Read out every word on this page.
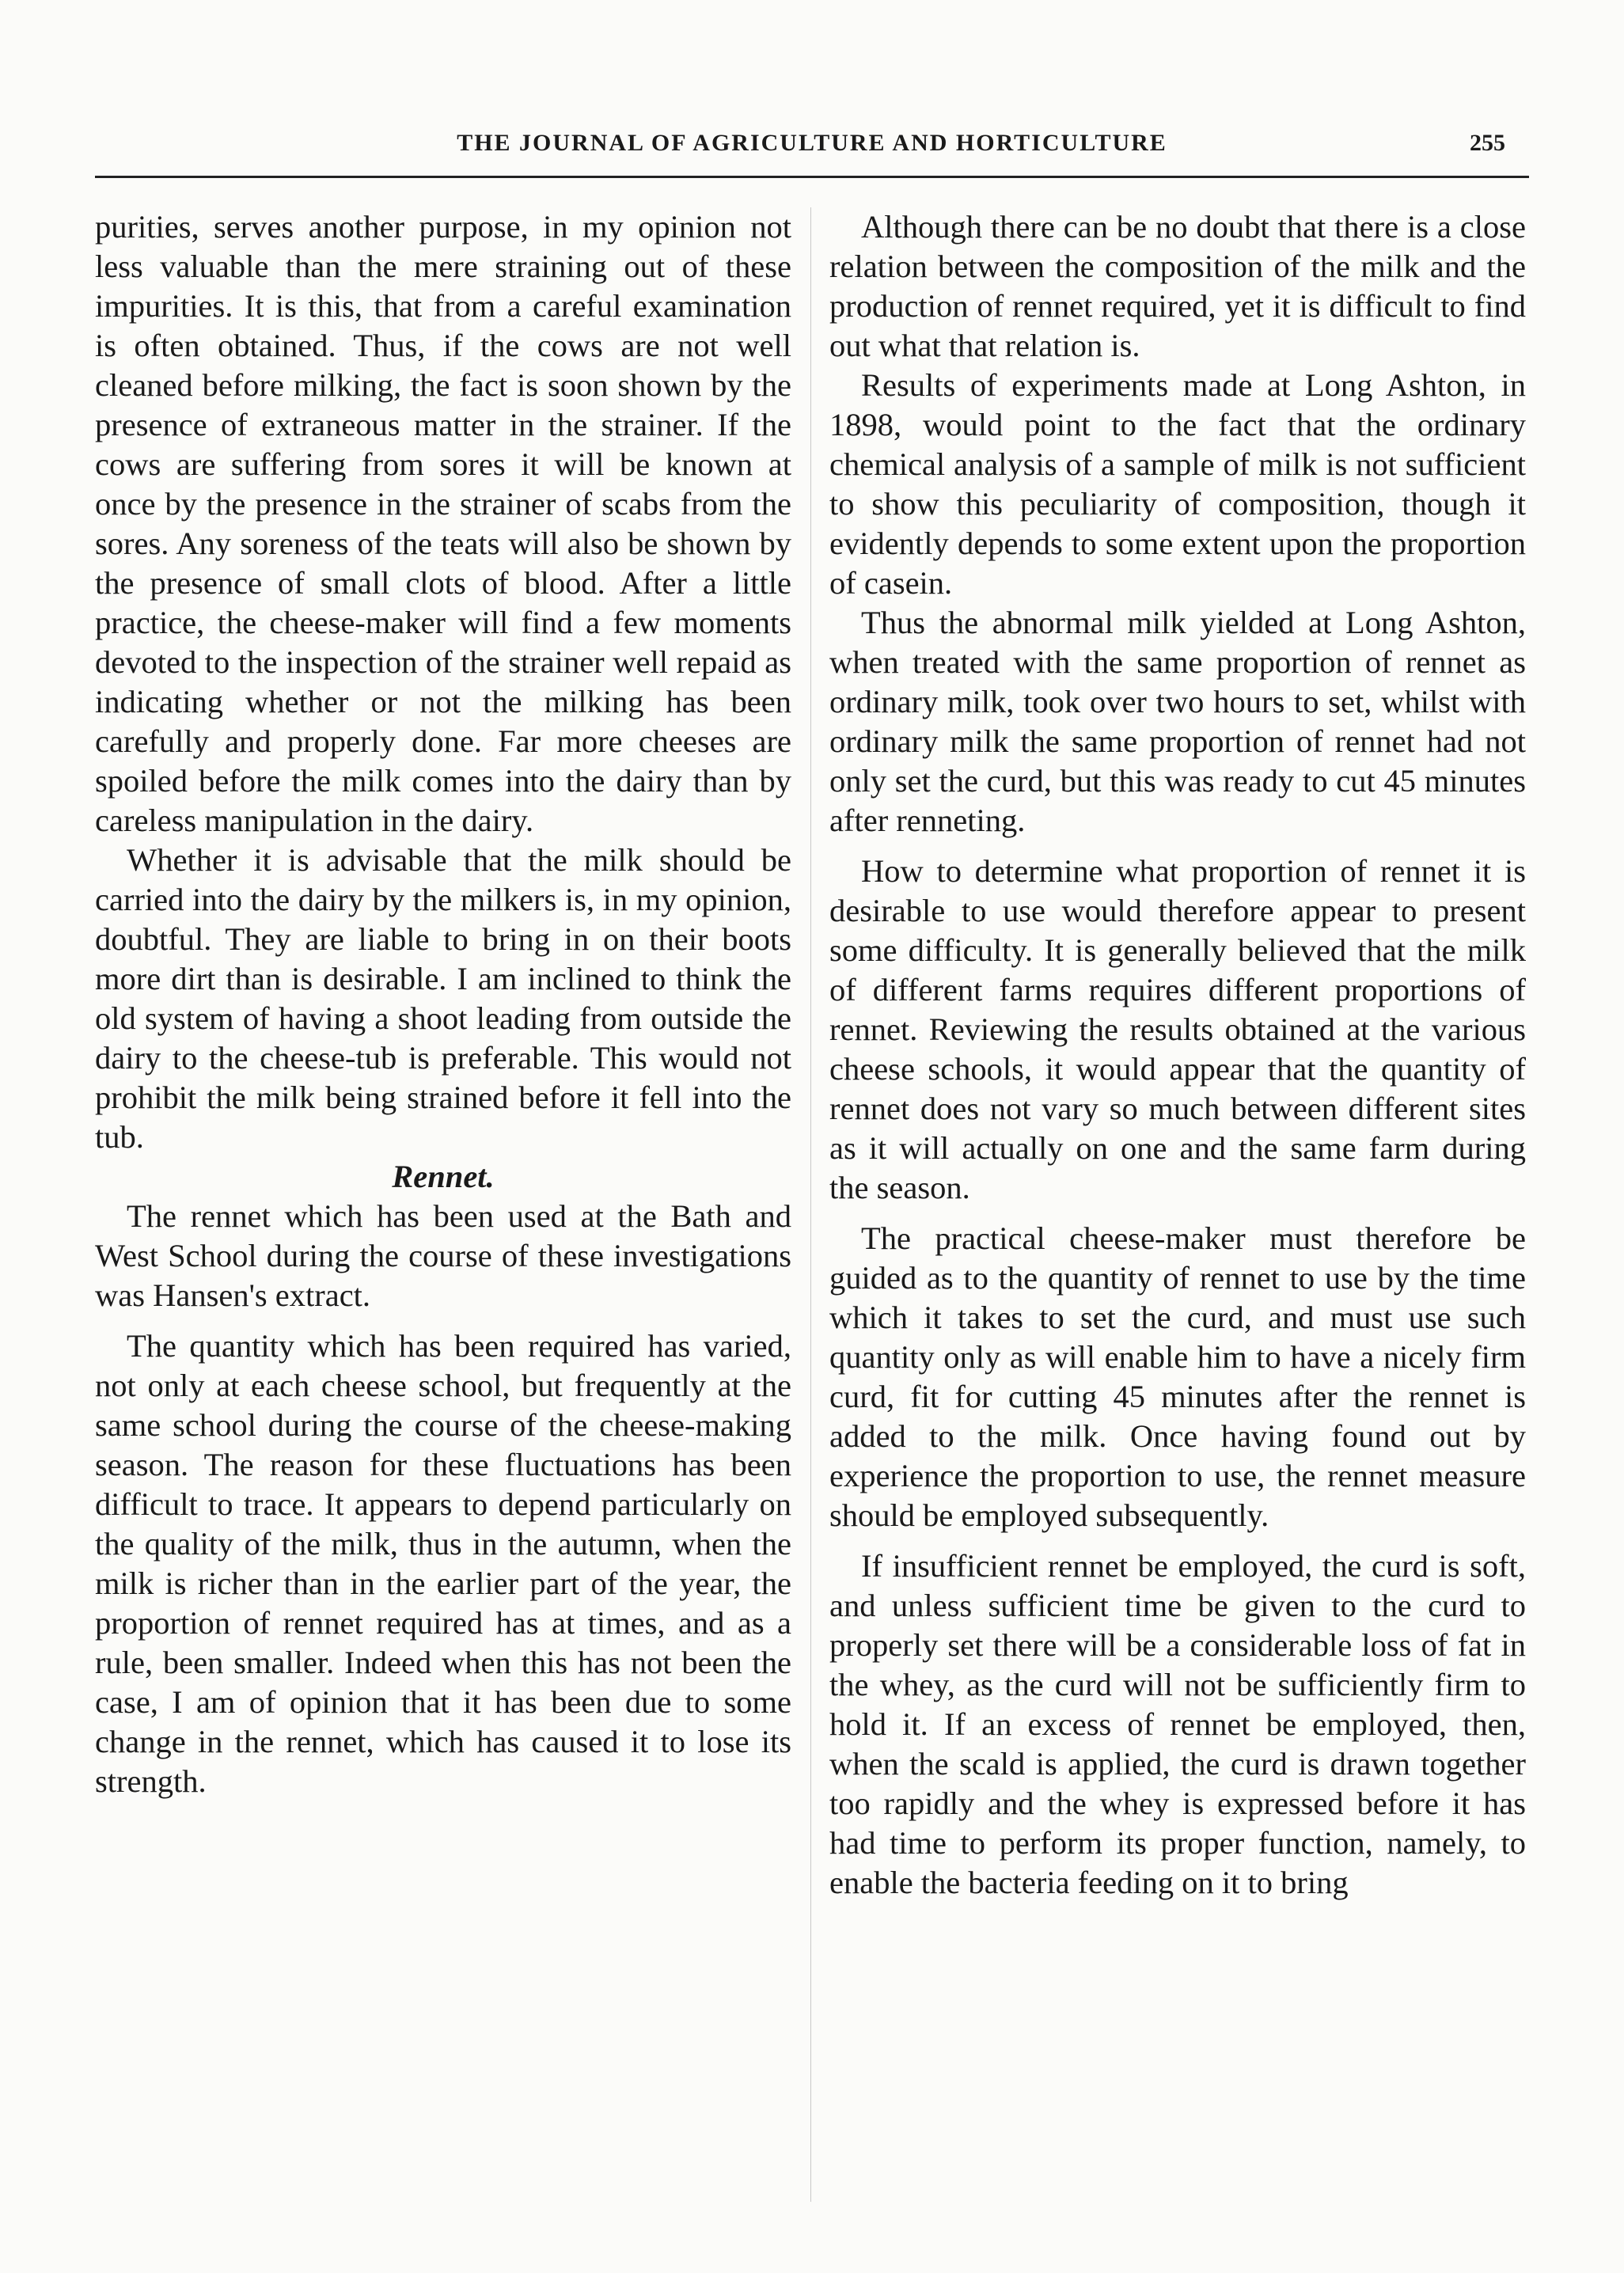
THE JOURNAL OF AGRICULTURE AND HORTICULTURE	255

purities, serves another purpose, in my opinion not less valuable than the mere straining out of these impurities. It is this, that from a careful examination is often obtained. Thus, if the cows are not well cleaned before milking, the fact is soon shown by the presence of extraneous matter in the strainer. If the cows are suffering from sores it will be known at once by the presence in the strainer of scabs from the sores. Any soreness of the teats will also be shown by the presence of small clots of blood. After a little practice, the cheese-maker will find a few moments devoted to the inspection of the strainer well repaid as indicating whether or not the milking has been carefully and properly done. Far more cheeses are spoiled before the milk comes into the dairy than by careless manipulation in the dairy.

Whether it is advisable that the milk should be carried into the dairy by the milkers is, in my opinion, doubtful. They are liable to bring in on their boots more dirt than is desirable. I am inclined to think the old system of having a shoot leading from outside the dairy to the cheese-tub is preferable. This would not prohibit the milk being strained before it fell into the tub.

Rennet.

The rennet which has been used at the Bath and West School during the course of these investigations was Hansen's extract.

The quantity which has been required has varied, not only at each cheese school, but frequently at the same school during the course of the cheese-making season. The reason for these fluctuations has been difficult to trace. It appears to depend particularly on the quality of the milk, thus in the autumn, when the milk is richer than in the earlier part of the year, the proportion of rennet required has at times, and as a rule, been smaller. Indeed when this has not been the case, I am of opinion that it has been due to some change in the rennet, which has caused it to lose its strength.

Although there can be no doubt that there is a close relation between the composition of the milk and the production of rennet required, yet it is difficult to find out what that relation is.

Results of experiments made at Long Ashton, in 1898, would point to the fact that the ordinary chemical analysis of a sample of milk is not sufficient to show this peculiarity of composition, though it evidently depends to some extent upon the proportion of casein.

Thus the abnormal milk yielded at Long Ashton, when treated with the same proportion of rennet as ordinary milk, took over two hours to set, whilst with ordinary milk the same proportion of rennet had not only set the curd, but this was ready to cut 45 minutes after renneting.

How to determine what proportion of rennet it is desirable to use would therefore appear to present some difficulty. It is generally believed that the milk of different farms requires different proportions of rennet. Reviewing the results obtained at the various cheese schools, it would appear that the quantity of rennet does not vary so much between different sites as it will actually on one and the same farm during the season.

The practical cheese-maker must therefore be guided as to the quantity of rennet to use by the time which it takes to set the curd, and must use such quantity only as will enable him to have a nicely firm curd, fit for cutting 45 minutes after the rennet is added to the milk. Once having found out by experience the proportion to use, the rennet measure should be employed subsequently.

If insufficient rennet be employed, the curd is soft, and unless sufficient time be given to the curd to properly set there will be a considerable loss of fat in the whey, as the curd will not be sufficiently firm to hold it. If an excess of rennet be employed, then, when the scald is applied, the curd is drawn together too rapidly and the whey is expressed before it has had time to perform its proper function, namely, to enable the bacteria feeding on it to bring
